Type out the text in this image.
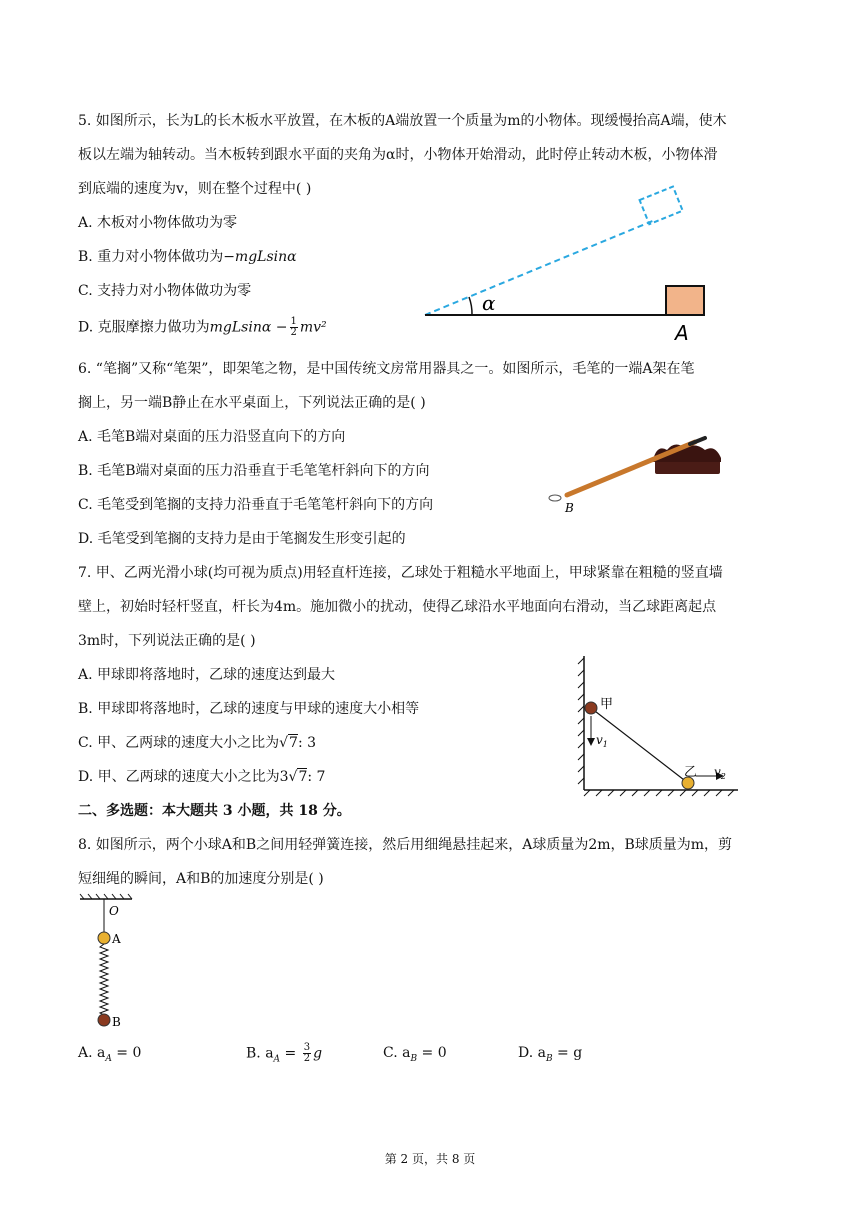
5. 如图所示，长为L的长木板水平放置，在木板的A端放置一个质量为m的小物体。现缓慢抬高A端，使木
板以左端为轴转动。当木板转到跟水平面的夹角为α时，小物体开始滑动，此时停止转动木板，小物体滑
到底端的速度为v，则在整个过程中( )
A. 木板对小物体做功为零
B. 重力对小物体做功为−mgLsinα
C. 支持力对小物体做功为零
D. 克服摩擦力做功为$mgLsin\alpha - \frac{1}{2} mv^2$
α
A
6. “笔搁”又称“笔架”，即架笔之物，是中国传统文房常用器具之一。如图所示，毛笔的一端A架在笔
搁上，另一端B静止在水平桌面上，下列说法正确的是( )
A. 毛笔B端对桌面的压力沿竖直向下的方向
B. 毛笔B端对桌面的压力沿垂直于毛笔笔杆斜向下的方向
C. 毛笔受到笔搁的支持力沿垂直于毛笔笔杆斜向下的方向
D. 毛笔受到笔搁的支持力是由于笔搁发生形变引起的
A
B
7. 甲、乙两光滑小球(均可视为质点)用轻直杆连接，乙球处于粗糙水平地面上，甲球紧靠在粗糙的竖直墙
壁上，初始时轻杆竖直，杆长为4m。施加微小的扰动，使得乙球沿水平地面向右滑动，当乙球距离起点
3m时，下列说法正确的是( )
A. 甲球即将落地时，乙球的速度达到最大
B. 甲球即将落地时，乙球的速度与甲球的速度大小相等
C. 甲、乙两球的速度大小之比为√7: 3
D. 甲、乙两球的速度大小之比为3√7: 7
甲
乙
$v_1$
$v_2$
二、多选题：本大题共 3 小题，共 18 分。
8. 如图所示，两个小球A和B之间用轻弹簧连接，然后用细绳悬挂起来，A球质量为2m，B球质量为m，剪
短细绳的瞬间，A和B的加速度分别是( )
O
A
B
A. $a_A = 0$	B. $a_A = \frac{3}{2}$ g	C. $a_B = 0$	D. $a_B = g$
第 2 页，共 8 页
